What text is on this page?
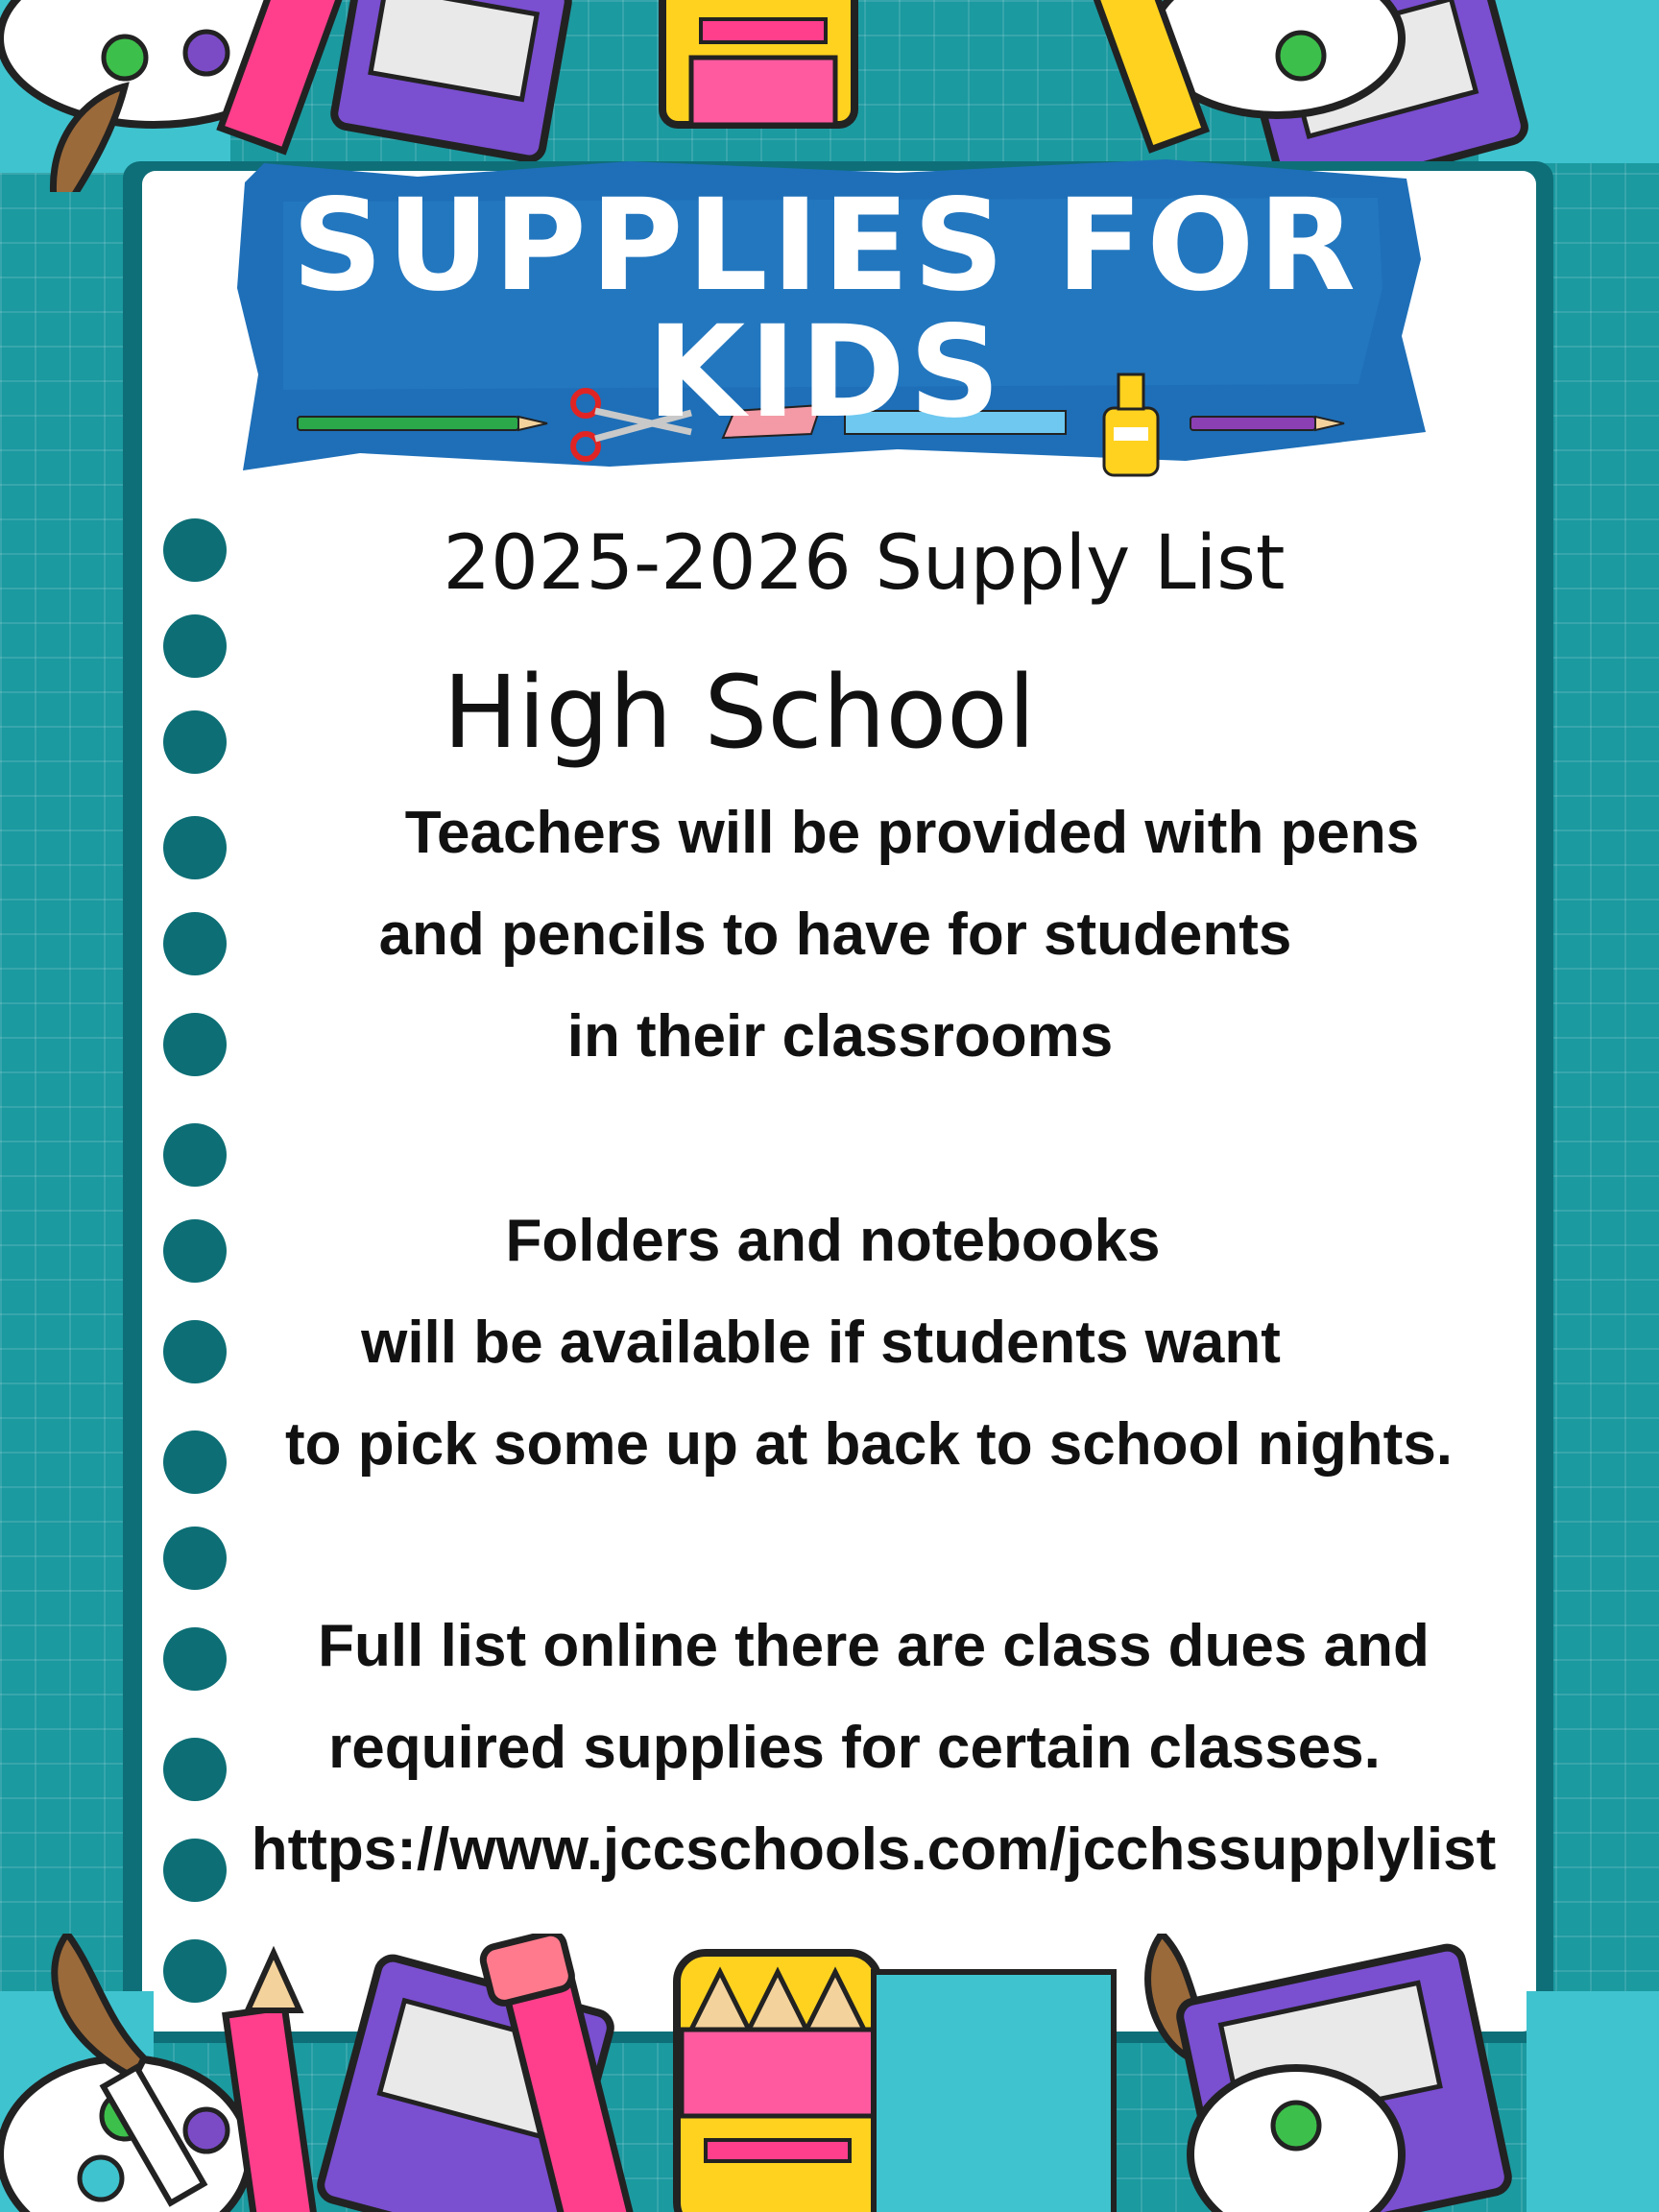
SUPPLIES FOR KIDS
2025-2026 Supply List
High School
Teachers will be provided with pens
and pencils to have for students
in their classrooms
Folders and notebooks
will be available if students want
to pick some up at back to school nights.
Full list online there are class dues and
required supplies for certain classes.
https://www.jccschools.com/jcchssupplylist
